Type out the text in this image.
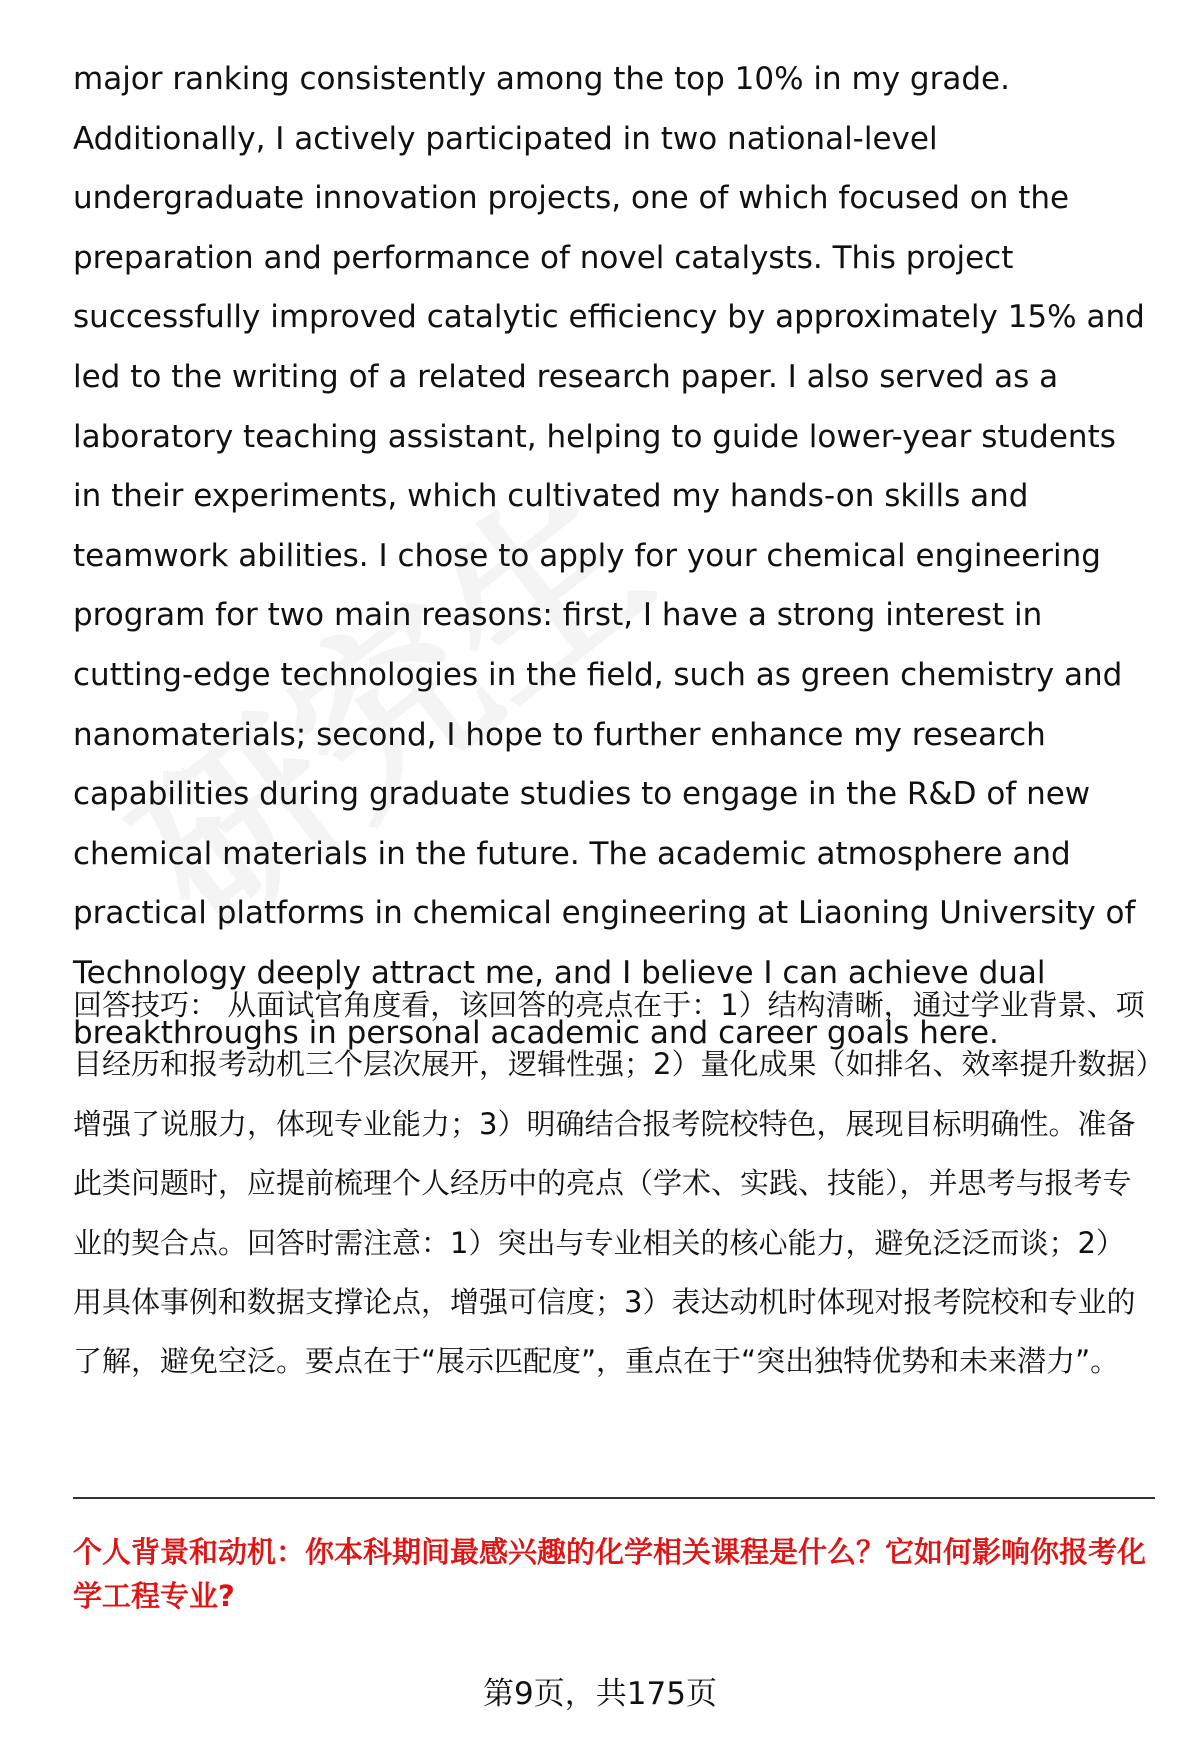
major ranking consistently among the top 10% in my grade. Additionally, I actively participated in two national-level undergraduate innovation projects, one of which focused on the preparation and performance of novel catalysts. This project successfully improved catalytic efficiency by approximately 15% and led to the writing of a related research paper. I also served as a laboratory teaching assistant, helping to guide lower-year students in their experiments, which cultivated my hands-on skills and teamwork abilities. I chose to apply for your chemical engineering program for two main reasons: first, I have a strong interest in cutting-edge technologies in the field, such as green chemistry and nanomaterials; second, I hope to further enhance my research capabilities during graduate studies to engage in the R&D of new chemical materials in the future. The academic atmosphere and practical platforms in chemical engineering at Liaoning University of Technology deeply attract me, and I believe I can achieve dual breakthroughs in personal academic and career goals here.

回答技巧： 从面试官角度看，该回答的亮点在于：1）结构清晰，通过学业背景、项目经历和报考动机三个层次展开，逻辑性强；2）量化成果（如排名、效率提升数据）增强了说服力，体现专业能力；3）明确结合报考院校特色，展现目标明确性。准备此类问题时，应提前梳理个人经历中的亮点（学术、实践、技能），并思考与报考专业的契合点。回答时需注意：1）突出与专业相关的核心能力，避免泛泛而谈；2）用具体事例和数据支撑论点，增强可信度；3）表达动机时体现对报考院校和专业的了解，避免空泛。要点在于“展示匹配度”，重点在于“突出独特优势和未来潜力”。

个人背景和动机：你本科期间最感兴趣的化学相关课程是什么？它如何影响你报考化学工程专业?
第9页，共175页
